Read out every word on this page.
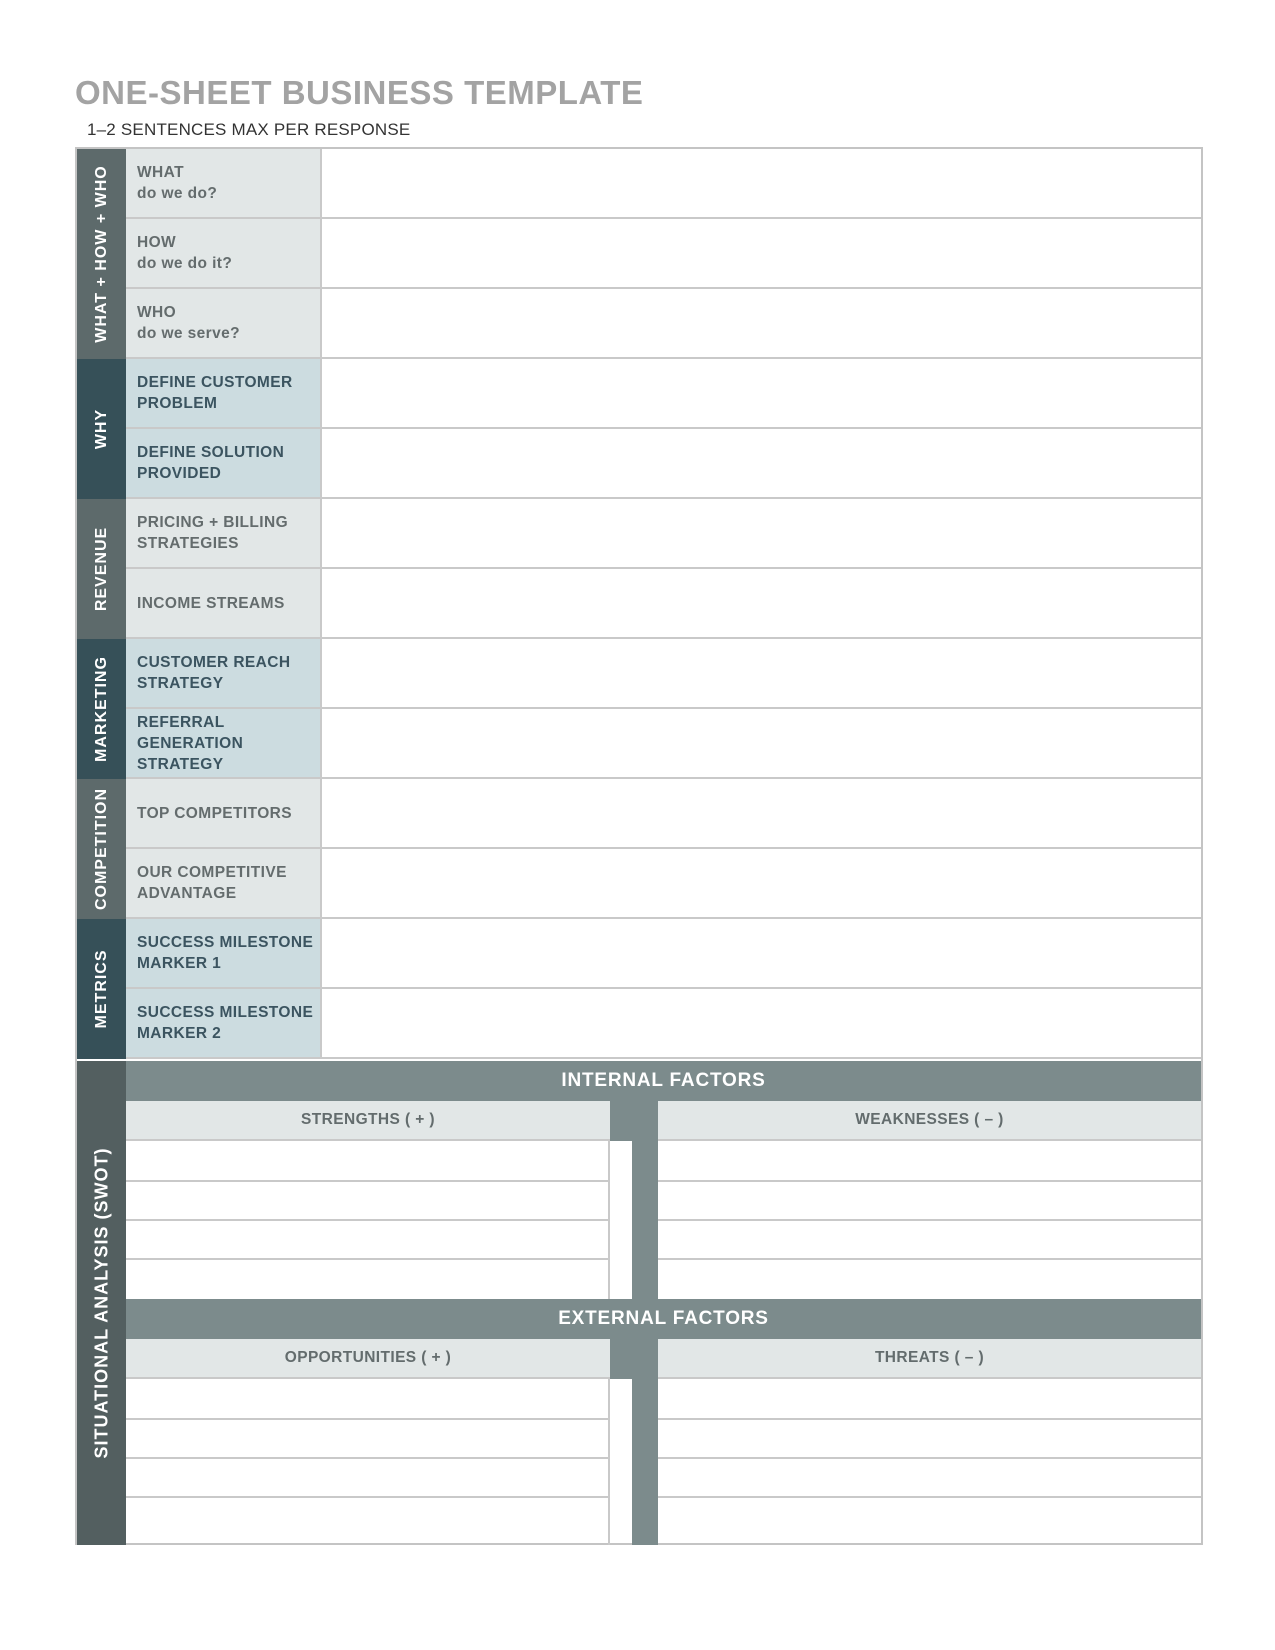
ONE-SHEET BUSINESS TEMPLATE
1–2 SENTENCES MAX PER RESPONSE
WHAT + HOW + WHO WHAT
do we do?
HOW
do we do it?
WHO
do we serve?
WHY
DEFINE CUSTOMER
PROBLEM
DEFINE SOLUTION
PROVIDED
REVENUE
PRICING + BILLING
STRATEGIES
INCOME STREAMS
MARKETING CUSTOMER REACH
STRATEGY
REFERRAL
GENERATION
STRATEGY
COMPETITION TOP COMPETITORS
OUR COMPETITIVE
ADVANTAGE
METRICS
SUCCESS MILESTONE
MARKER 1
SUCCESS MILESTONE
MARKER 2
SITUATIONAL ANALYSIS (SWOT)
INTERNAL FACTORS
STRENGTHS ( + )	WEAKNESSES ( – )
EXTERNAL FACTORS
OPPORTUNITIES ( + )	THREATS ( – )
